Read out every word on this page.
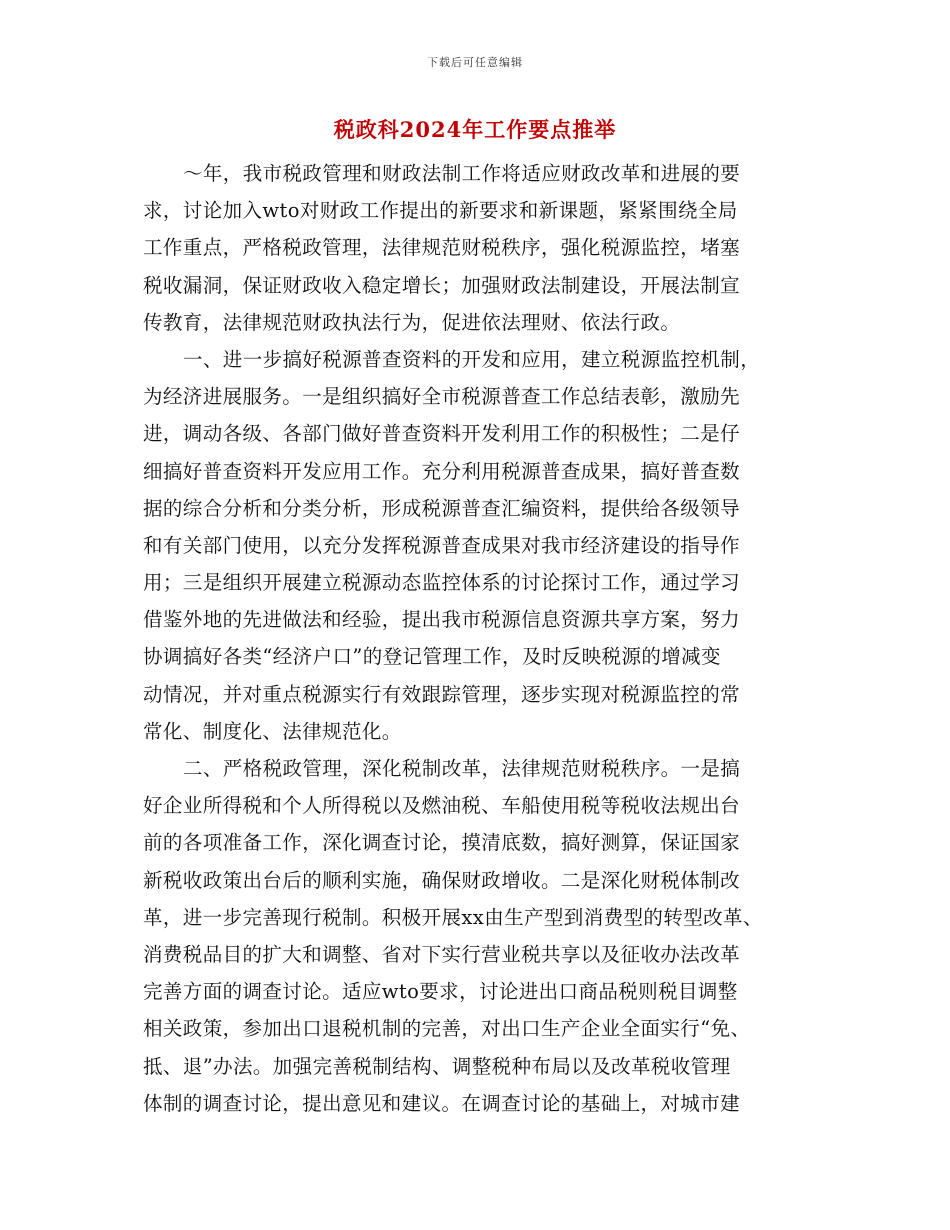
下载后可任意编辑
税政科2024年工作要点推举
～年，我市税政管理和财政法制工作将适应财政改革和进展的要
求，讨论加入wto对财政工作提出的新要求和新课题，紧紧围绕全局
工作重点，严格税政管理，法律规范财税秩序，强化税源监控，堵塞
税收漏洞，保证财政收入稳定增长；加强财政法制建设，开展法制宣
传教育，法律规范财政执法行为，促进依法理财、依法行政。
一、进一步搞好税源普查资料的开发和应用，建立税源监控机制，
为经济进展服务。一是组织搞好全市税源普查工作总结表彰，激励先
进，调动各级、各部门做好普查资料开发利用工作的积极性；二是仔
细搞好普查资料开发应用工作。充分利用税源普查成果，搞好普查数
据的综合分析和分类分析，形成税源普查汇编资料，提供给各级领导
和有关部门使用，以充分发挥税源普查成果对我市经济建设的指导作
用；三是组织开展建立税源动态监控体系的讨论探讨工作，通过学习
借鉴外地的先进做法和经验，提出我市税源信息资源共享方案，努力
协调搞好各类“经济户口”的登记管理工作，及时反映税源的增减变
动情况，并对重点税源实行有效跟踪管理，逐步实现对税源监控的常
常化、制度化、法律规范化。
二、严格税政管理，深化税制改革，法律规范财税秩序。一是搞
好企业所得税和个人所得税以及燃油税、车船使用税等税收法规出台
前的各项准备工作，深化调查讨论，摸清底数，搞好测算，保证国家
新税收政策出台后的顺利实施，确保财政增收。二是深化财税体制改
革，进一步完善现行税制。积极开展xx由生产型到消费型的转型改革、
消费税品目的扩大和调整、省对下实行营业税共享以及征收办法改革
完善方面的调查讨论。适应wto要求，讨论进出口商品税则税目调整
相关政策，参加出口退税机制的完善，对出口生产企业全面实行“免、
抵、退”办法。加强完善税制结构、调整税种布局以及改革税收管理
体制的调查讨论，提出意见和建议。在调查讨论的基础上，对城市建
